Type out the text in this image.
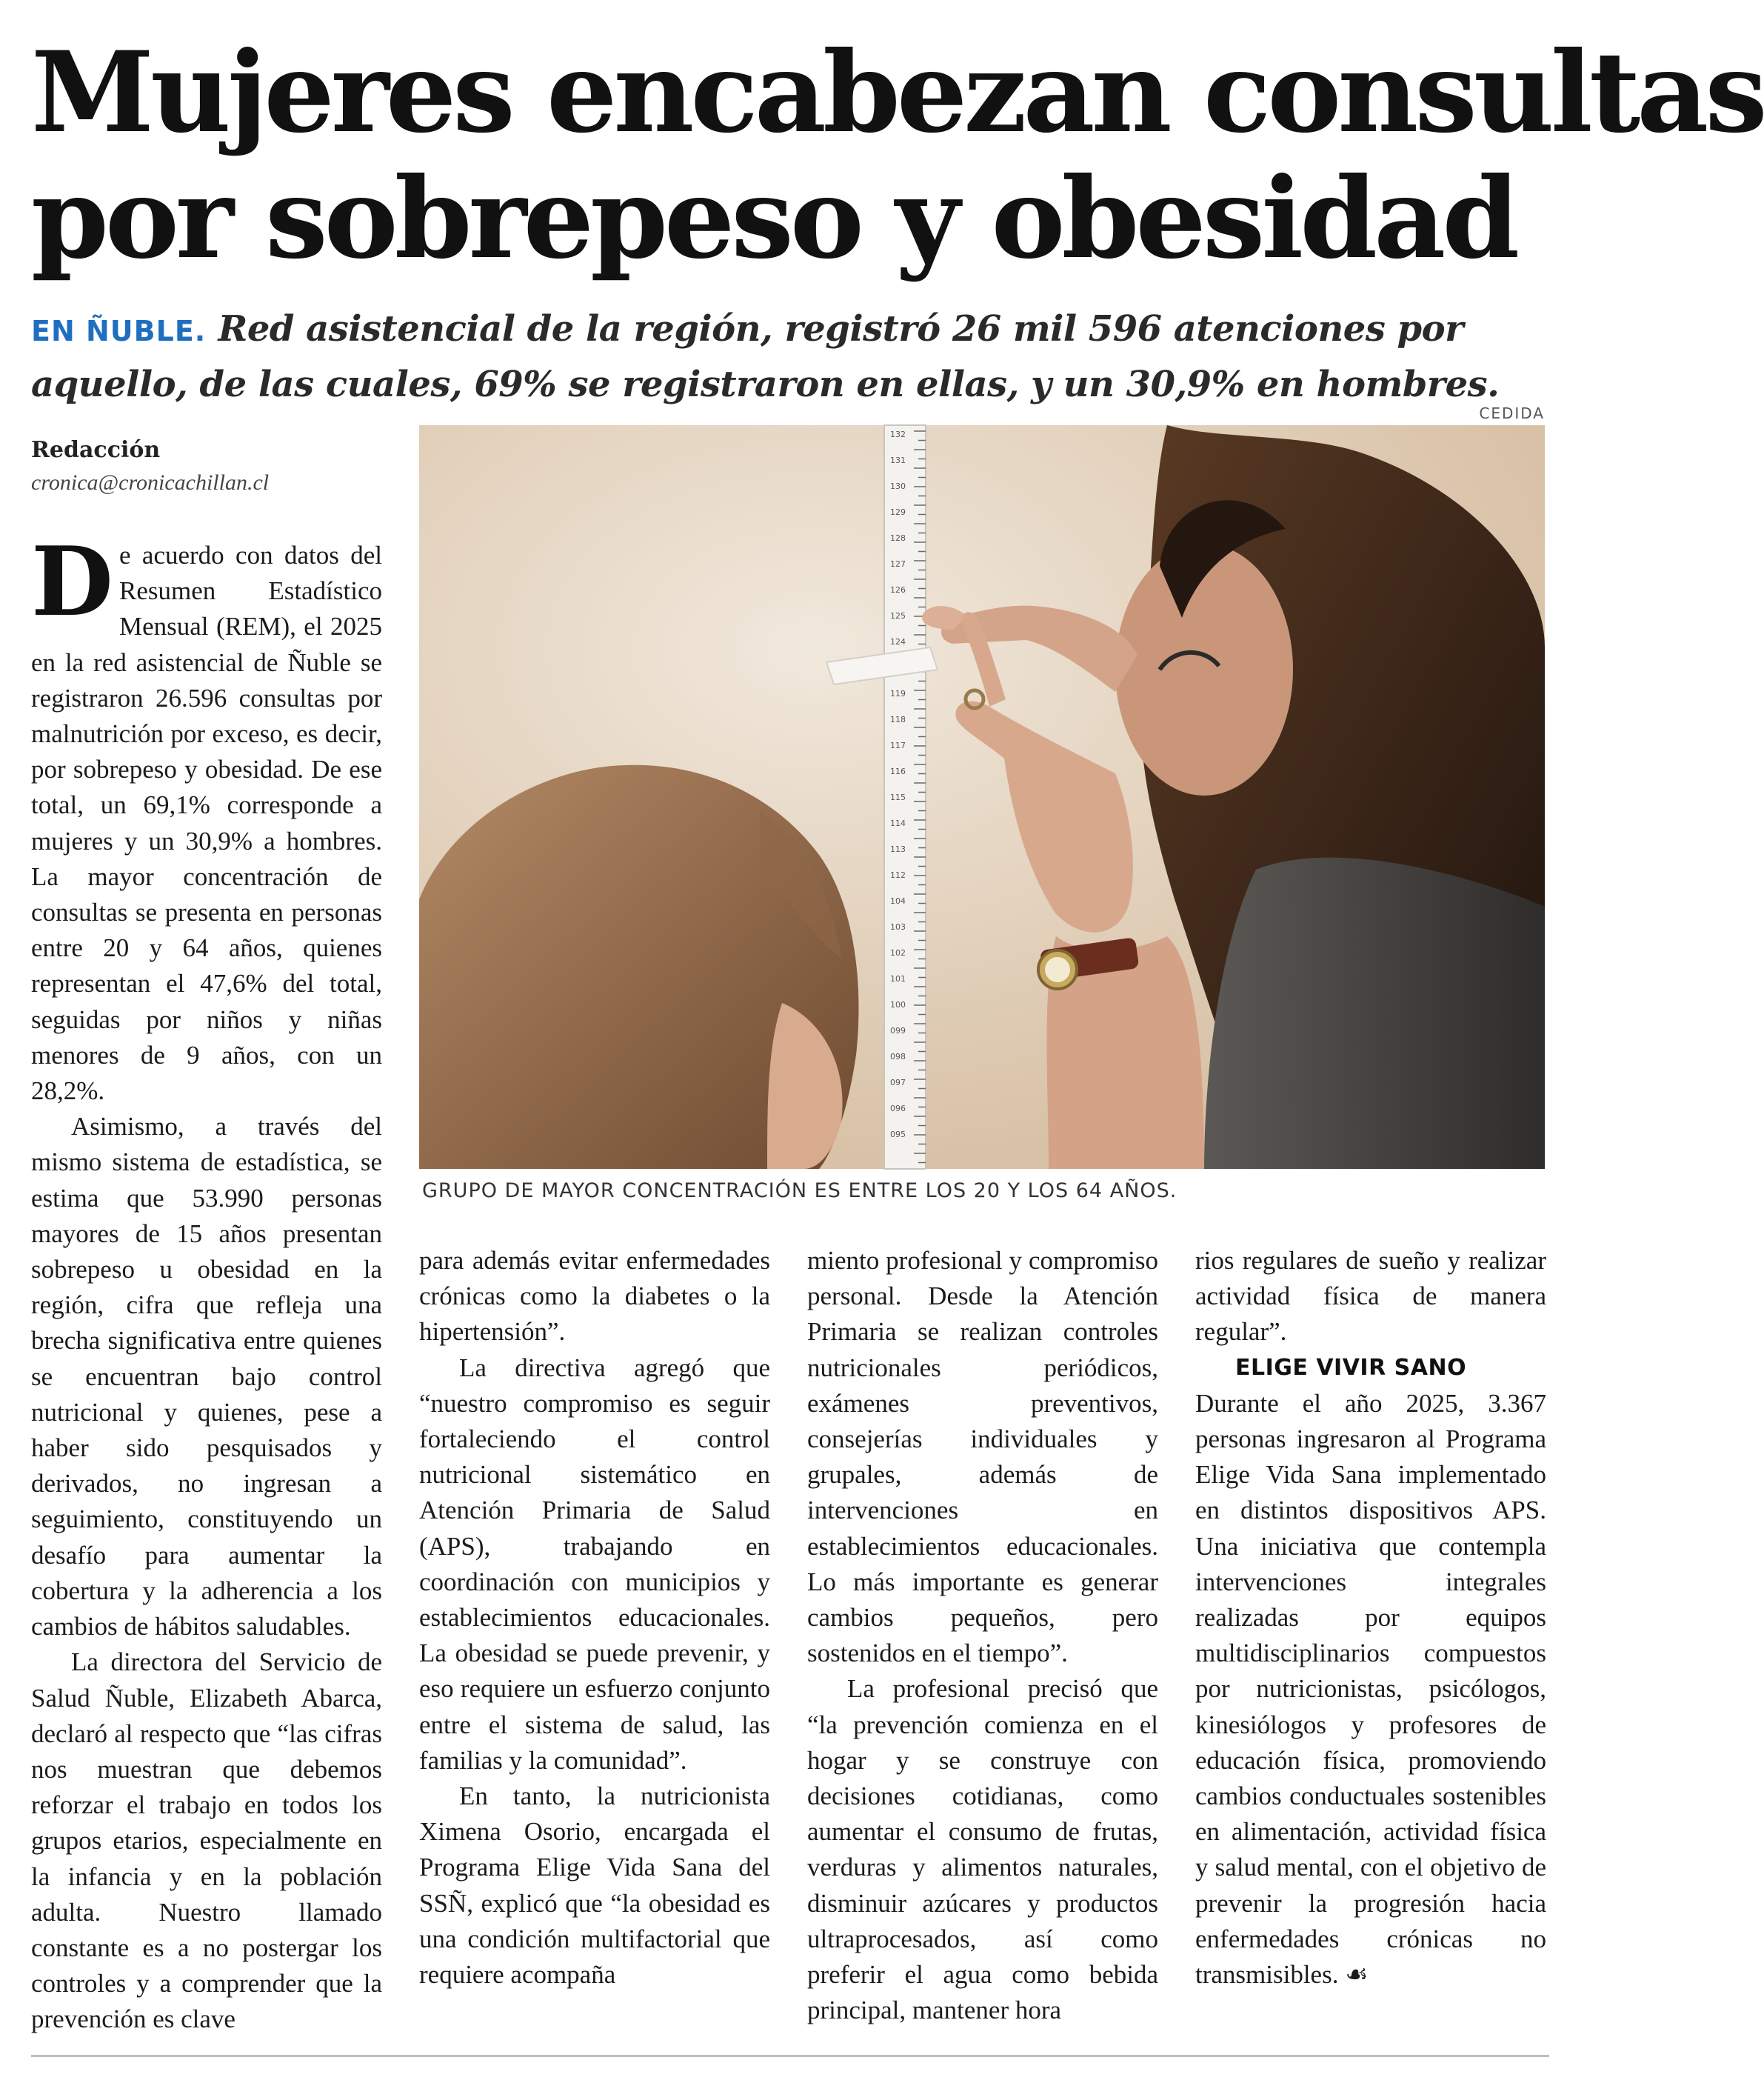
Mujeres encabezan consultas
por sobrepeso y obesidad
EN ÑUBLE. Red asistencial de la región, registró 26 mil 596 atenciones por aquello, de las cuales, 69% se registraron en ellas, y un 30,9% en hombres.
Redacción
cronica@cronicachillan.cl
CEDIDA
132
131
130
129
128
127
126
125
124
119
118
117
116
115
114
113
112
104
103
102
101
100
099
098
097
096
095
GRUPO DE MAYOR CONCENTRACIÓN ES ENTRE LOS 20 Y LOS 64 AÑOS.

De acuerdo con datos del Resumen Estadístico Mensual (REM), el 2025 en la red asistencial de Ñuble se registraron 26.596 consultas por malnutrición por exceso, es decir, por sobrepeso y obesidad. De ese total, un 69,1% corresponde a mujeres y un 30,9% a hombres. La mayor concentración de consultas se presenta en personas entre 20 y 64 años, quienes representan el 47,6% del total, seguidas por niños y niñas menores de 9 años, con un 28,2%.

Asimismo, a través del mismo sistema de estadística, se estima que 53.990 personas mayores de 15 años presentan sobrepeso u obesidad en la región, cifra que refleja una brecha significativa entre quienes se encuentran bajo control nutricional y quienes, pese a haber sido pesquisados y derivados, no ingresan a seguimiento, constituyendo un desafío para aumentar la cobertura y la adherencia a los cambios de hábitos saludables.

La directora del Servicio de Salud Ñuble, Elizabeth Abarca, declaró al respecto que “las cifras nos muestran que debemos reforzar el trabajo en todos los grupos etarios, especialmente en la infancia y en la población adulta. Nuestro llamado constante es a no postergar los controles y a comprender que la prevención es clave

para además evitar enfermedades crónicas como la diabetes o la hipertensión”.

La directiva agregó que “nuestro compromiso es seguir fortaleciendo el control nutricional sistemático en Atención Primaria de Salud (APS), trabajando en coordinación con municipios y establecimientos educacionales. La obesidad se puede prevenir, y eso requiere un esfuerzo conjunto entre el sistema de salud, las familias y la comunidad”.

En tanto, la nutricionista Ximena Osorio, encargada el Programa Elige Vida Sana del SSÑ, explicó que “la obesidad es una condición multifactorial que requiere acompaña

miento profesional y compromiso personal. Desde la Atención Primaria se realizan controles nutricionales periódicos, exámenes preventivos, consejerías individuales y grupales, además de intervenciones en establecimientos educacionales. Lo más importante es generar cambios pequeños, pero sostenidos en el tiempo”.

La profesional precisó que “la prevención comienza en el hogar y se construye con decisiones cotidianas, como aumentar el consumo de frutas, verduras y alimentos naturales, disminuir azúcares y productos ultraprocesados, así como preferir el agua como bebida principal, mantener hora

rios regulares de sueño y realizar actividad física de manera regular”.

ELIGE VIVIR SANO

Durante el año 2025, 3.367 personas ingresaron al Programa Elige Vida Sana implementado en distintos dispositivos APS. Una iniciativa que contempla intervenciones integrales realizadas por equipos multidisciplinarios compuestos por nutricionistas, psicólogos, kinesiólogos y profesores de educación física, promoviendo cambios conductuales sostenibles en alimentación, actividad física y salud mental, con el objetivo de prevenir la progresión hacia enfermedades crónicas no transmisibles. ☙
